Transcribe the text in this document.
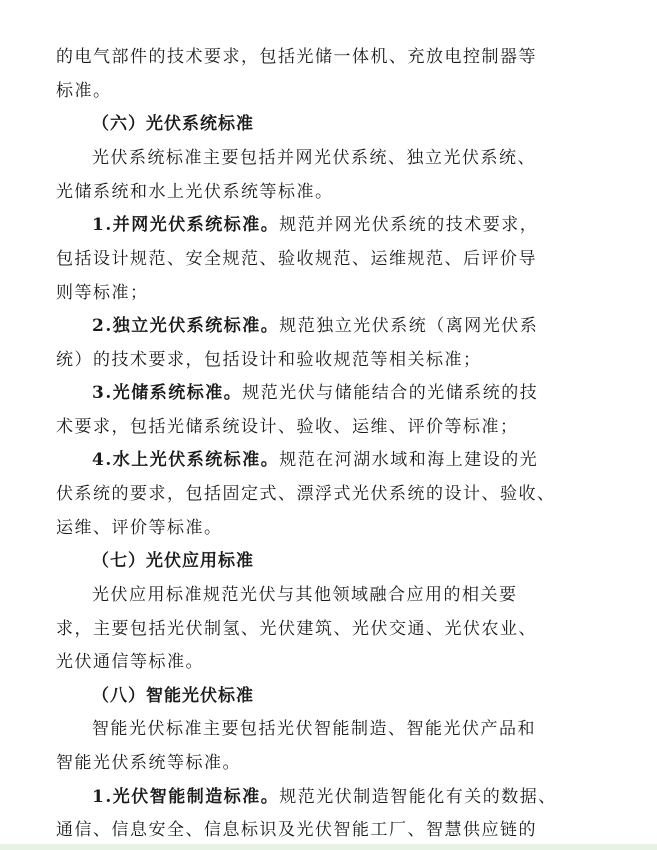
的电气部件的技术要求，包括光储一体机、充放电控制器等
标准。
（六）光伏系统标准
光伏系统标准主要包括并网光伏系统、独立光伏系统、
光储系统和水上光伏系统等标准。
1.并网光伏系统标准。规范并网光伏系统的技术要求，
包括设计规范、安全规范、验收规范、运维规范、后评价导
则等标准；
2.独立光伏系统标准。规范独立光伏系统（离网光伏系
统）的技术要求，包括设计和验收规范等相关标准；
3.光储系统标准。规范光伏与储能结合的光储系统的技
术要求，包括光储系统设计、验收、运维、评价等标准；
4.水上光伏系统标准。规范在河湖水域和海上建设的光
伏系统的要求，包括固定式、漂浮式光伏系统的设计、验收、
运维、评价等标准。
（七）光伏应用标准
光伏应用标准规范光伏与其他领域融合应用的相关要
求，主要包括光伏制氢、光伏建筑、光伏交通、光伏农业、
光伏通信等标准。
（八）智能光伏标准
智能光伏标准主要包括光伏智能制造、智能光伏产品和
智能光伏系统等标准。
1.光伏智能制造标准。规范光伏制造智能化有关的数据、
通信、信息安全、信息标识及光伏智能工厂、智慧供应链的
